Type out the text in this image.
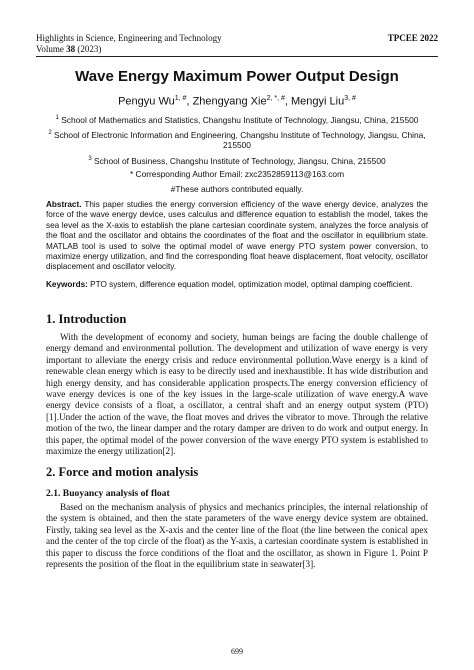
Highlights in Science, Engineering and Technology	TPCEE 2022
Volume 38 (2023)
Wave Energy Maximum Power Output Design
Pengyu $Wu^{1, \#}$, Zhengyang Xie$^{2, *, \#}$, Mengyi Liu$^{3, \#}$
$^1$ School of Mathematics and Statistics, Changshu Institute of Technology, Jiangsu, China, 215500
$^2$ School of Electronic Information and Engineering, Changshu Institute of Technology, Jiangsu, China, 215500
$^3$ School of Business, Changshu Institute of Technology, Jiangsu, China, 215500
* Corresponding Author Email: zxc2352859113@163.com
#These authors contributed equally.
Abstract. This paper studies the energy conversion efficiency of the wave energy device, analyzes the force of the wave energy device, uses calculus and difference equation to establish the model, takes the sea level as the X-axis to establish the plane cartesian coordinate system, analyzes the force analysis of the float and the oscillator and obtains the coordinates of the float and the oscillator in equilibrium state. MATLAB tool is used to solve the optimal model of wave energy PTO system power conversion, to maximize energy utilization, and find the corresponding float heave displacement, float velocity, oscillator displacement and oscillator velocity.
Keywords: PTO system, difference equation model, optimization model, optimal damping coefficient.
1. Introduction

With the development of economy and society, human beings are facing the double challenge of energy demand and environmental pollution. The development and utilization of wave energy is very important to alleviate the energy crisis and reduce environmental pollution.Wave energy is a kind of renewable clean energy which is easy to be directly used and inexhaustible. It has wide distribution and high energy density, and has considerable application prospects.The energy conversion efficiency of wave energy devices is one of the key issues in the large-scale utilization of wave energy.A wave energy device consists of a float, a oscillator, a central shaft and an energy output system (PTO)[1].Under the action of the wave, the float moves and drives the vibrator to move. Through the relative motion of the two, the linear damper and the rotary damper are driven to do work and output energy. In this paper, the optimal model of the power conversion of the wave energy PTO system is established to maximize the energy utilization[2].

2. Force and motion analysis
2.1. Buoyancy analysis of float

Based on the mechanism analysis of physics and mechanics principles, the internal relationship of the system is obtained, and then the state parameters of the wave energy device system are obtained. Firstly, taking sea level as the X-axis and the center line of the float (the line between the conical apex and the center of the top circle of the float) as the Y-axis, a cartesian coordinate system is established in this paper to discuss the force conditions of the float and the oscillator, as shown in Figure 1. Point P represents the position of the float in the equilibrium state in seawater[3].

699
